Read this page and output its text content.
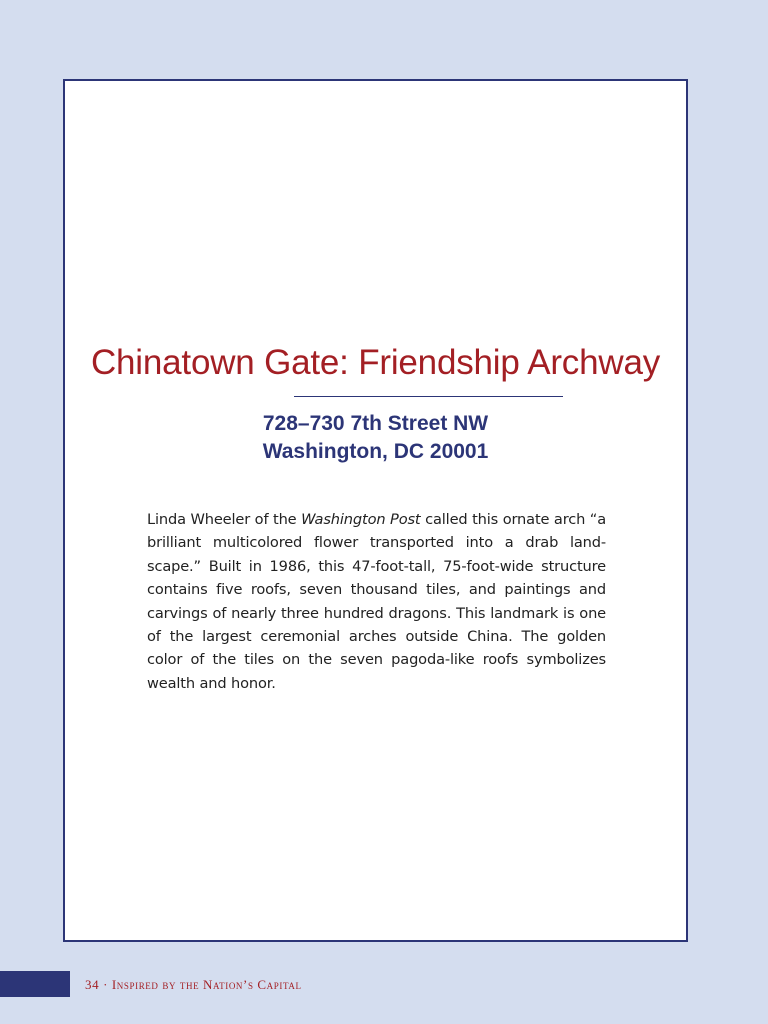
Chinatown Gate: Friendship Archway
728–730 7th Street NW
Washington, DC 20001

Linda Wheeler of the Washington Post called this ornate arch “a brilliant multicolored flower transported into a drab land-scape.” Built in 1986, this 47-foot-tall, 75-foot-wide structure contains five roofs, seven thousand tiles, and paintings and carvings of nearly three hundred dragons. This landmark is one of the largest ceremonial arches outside China. The golden color of the tiles on the seven pagoda-like roofs symbolizes wealth and honor.

34 · Inspired by the Nation’s Capital
